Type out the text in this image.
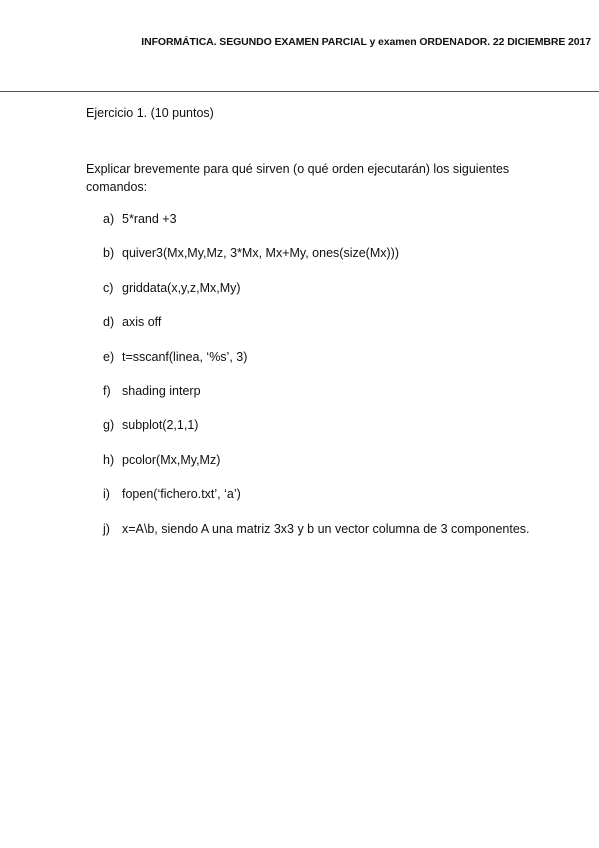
INFORMÁTICA. SEGUNDO EXAMEN PARCIAL y examen ORDENADOR. 22 DICIEMBRE 2017
Ejercicio 1. (10 puntos)
Explicar brevemente para qué sirven (o qué orden ejecutarán) los siguientes comandos:
a) 5*rand +3
b) quiver3(Mx,My,Mz, 3*Mx, Mx+My, ones(size(Mx)))
c) griddata(x,y,z,Mx,My)
d) axis off
e) t=sscanf(linea, ‘%s’, 3)
f) shading interp
g) subplot(2,1,1)
h) pcolor(Mx,My,Mz)
i) fopen(‘fichero.txt’, ‘a’)
j) x=A\b, siendo A una matriz 3x3 y b un vector columna de 3 componentes.
